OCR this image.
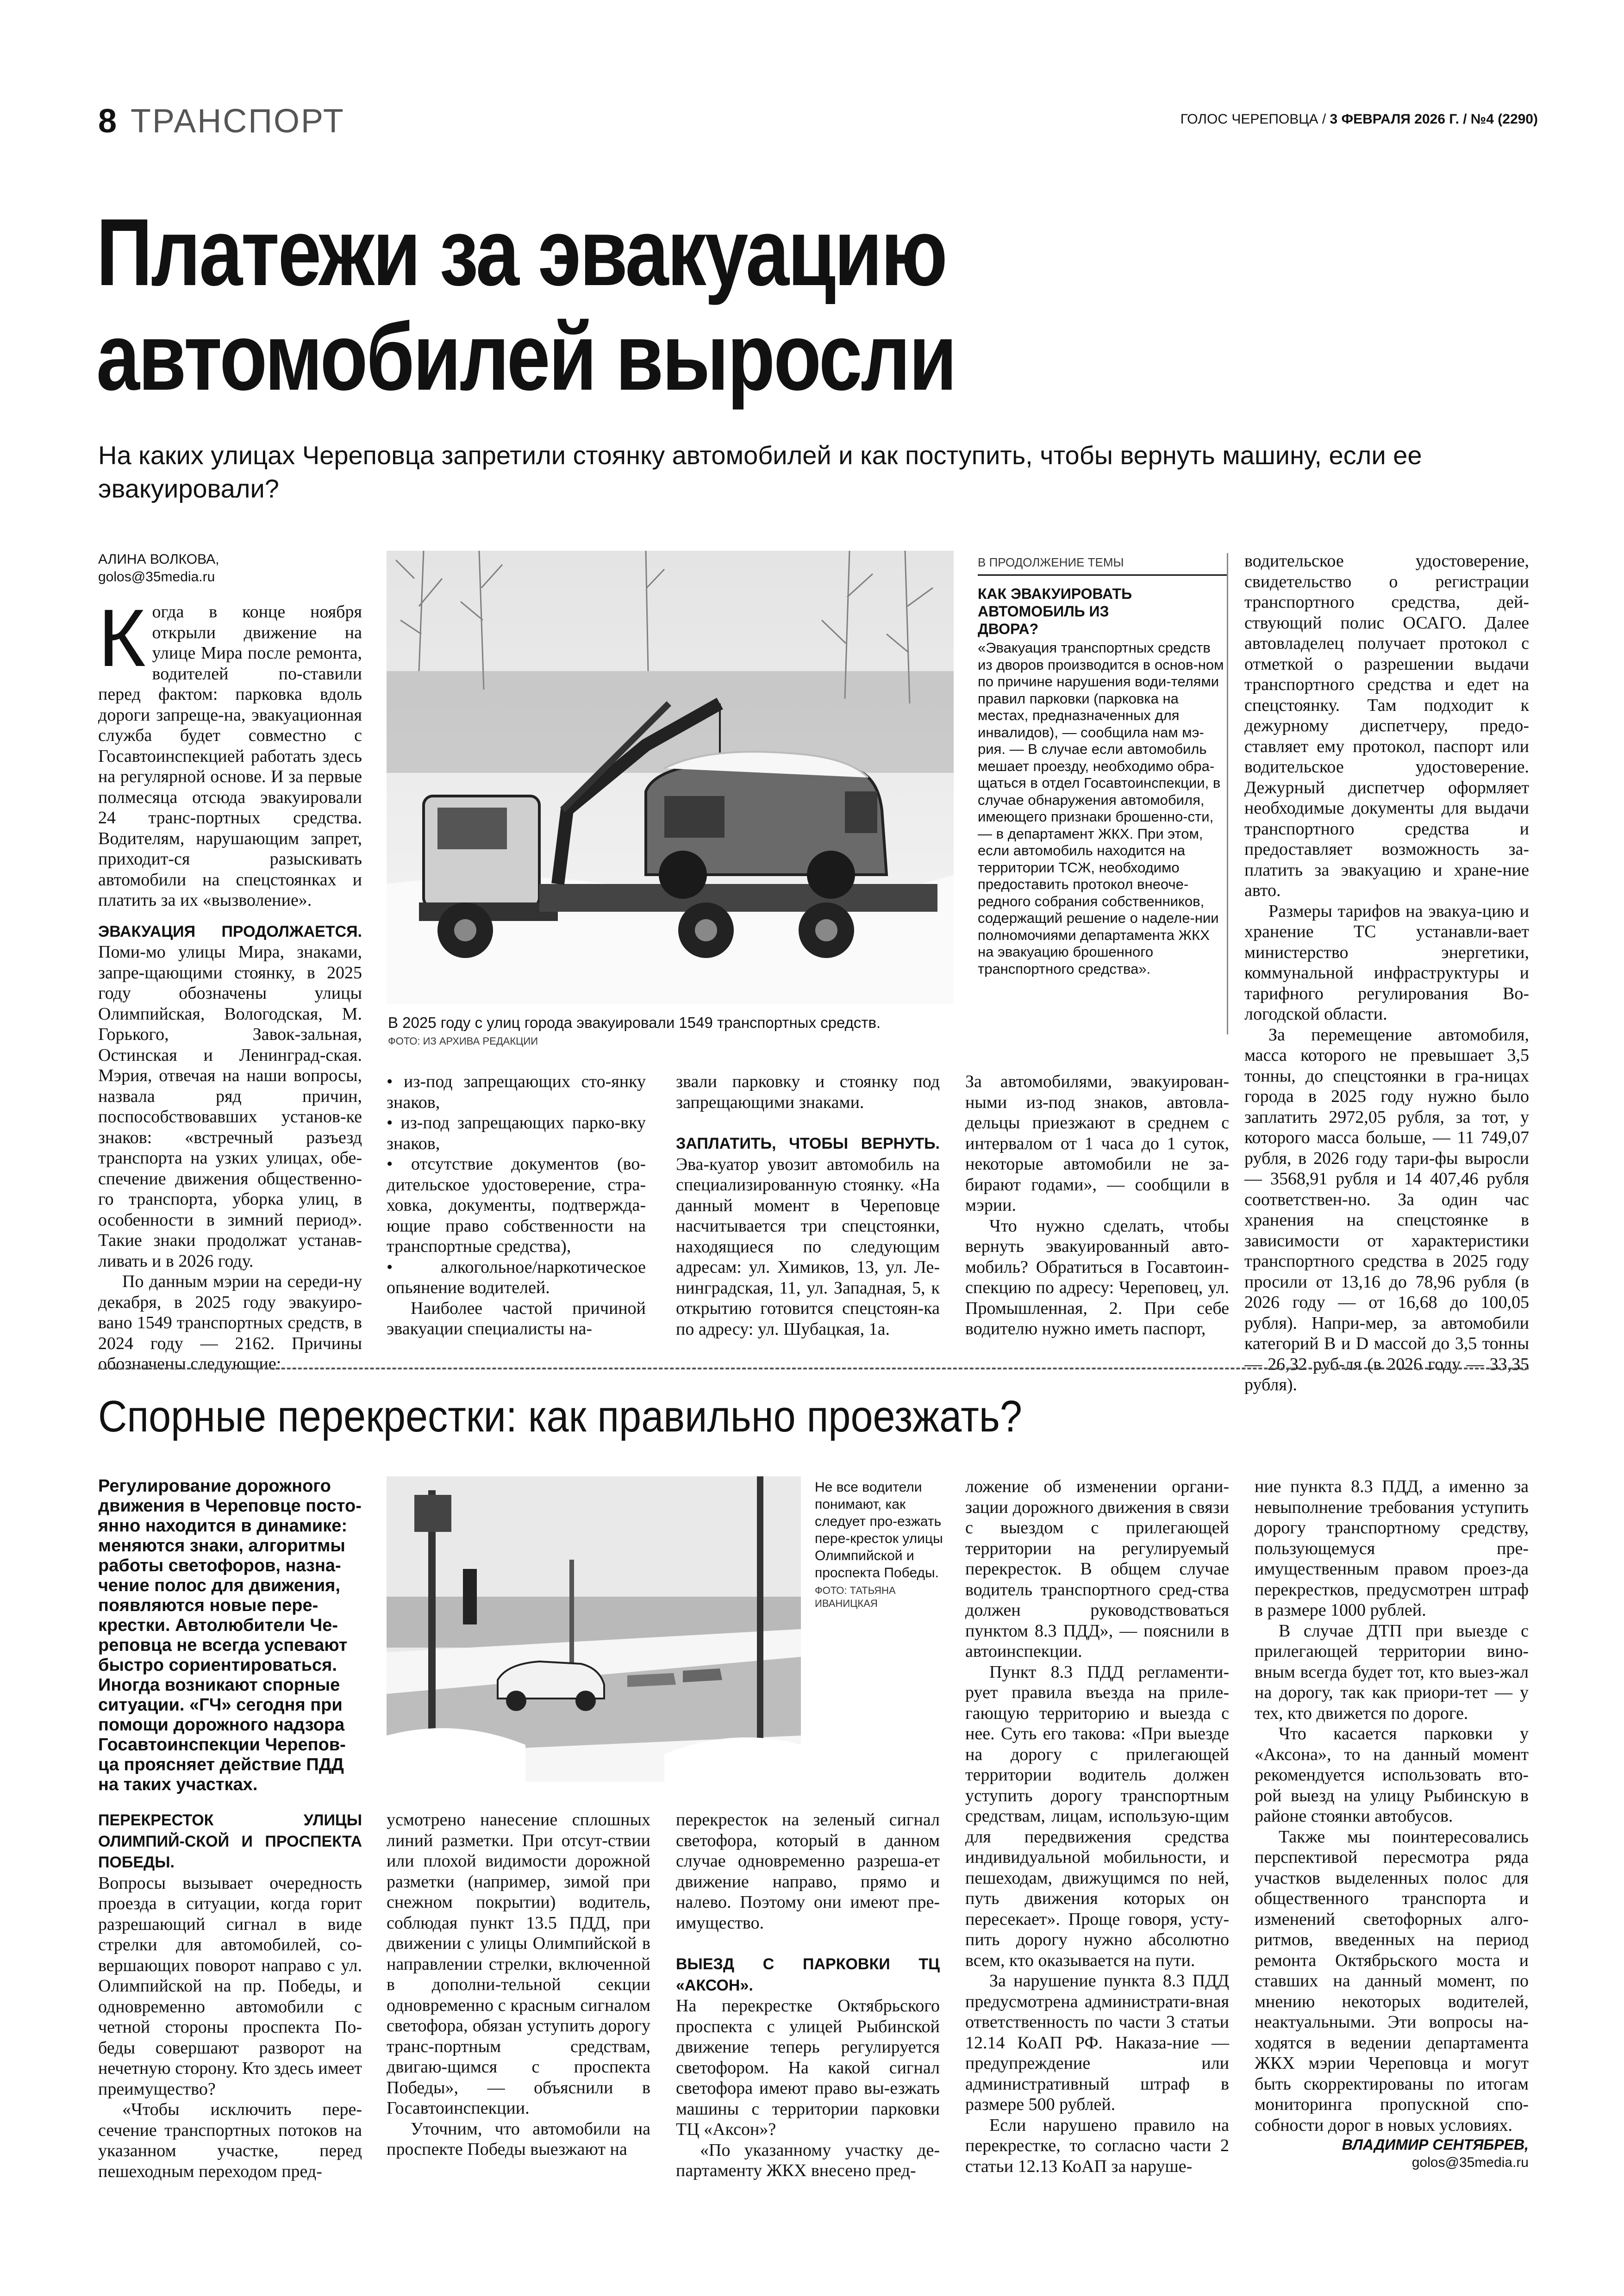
8 ТРАНСПОРТ	ГОЛОС ЧЕРЕПОВЦА / 3 ФЕВРАЛЯ 2026 Г. / №4 (2290)
Платежи за эвакуацию
автомобилей выросли
На каких улицах Череповца запретили стоянку автомобилей и как поступить, чтобы вернуть машину, если ее эвакуировали?
АЛИНА ВОЛКОВА,
golos@35media.ru

Когда в конце ноября открыли движение на улице Мира после ремонта, водителей по-ставили перед фактом: парковка вдоль дороги запреще-на, эвакуационная служба будет совместно с Госавтоинспекцией работать здесь на регулярной основе. И за первые полмесяца отсюда эвакуировали 24 транс-портных средства. Водителям, нарушающим запрет, приходит-ся разыскивать автомобили на спецстоянках и платить за их «вызволение».

ЭВАКУАЦИЯ ПРОДОЛЖАЕТСЯ. Поми-мо улицы Мира, знаками, запре-щающими стоянку, в 2025 году обозначены улицы Олимпийская, Вологодская, М. Горького, Завок-зальная, Остинская и Ленинград-ская. Мэрия, отвечая на наши вопросы, назвала ряд причин, поспособствовавших установ-ке знаков: «встречный разъезд транспорта на узких улицах, обе-спечение движения общественно-го транспорта, уборка улиц, в особенности в зимний период». Такие знаки продолжат устанав-ливать и в 2026 году.

По данным мэрии на середи-ну декабря, в 2025 году эвакуиро-вано 1549 транспортных средств, в 2024 году — 2162. Причины обозначены следующие:

В 2025 году с улиц города эвакуировали 1549 транспортных средств.
ФОТО: ИЗ АРХИВА РЕДАКЦИИ
В ПРОДОЛЖЕНИЕ ТЕМЫ
КАК ЭВАКУИРОВАТЬ АВТОМОБИЛЬ ИЗ ДВОРА?
«Эвакуация транспортных средств из дворов производится в основ-ном по причине нарушения води-телями правил парковки (парковка на местах, предназначенных для инвалидов), — сообщила нам мэ-рия. — В случае если автомобиль мешает проезду, необходимо обра-щаться в отдел Госавтоинспекции, в случае обнаружения автомобиля, имеющего признаки брошенно-сти, — в департамент ЖКХ. При этом, если автомобиль находится на территории ТСЖ, необходимо предоставить протокол внеоче-редного собрания собственников, содержащий решение о наделе-нии полномочиями департамента ЖКХ на эвакуацию брошенного транспортного средства».

водительское удостоверение, свидетельство о регистрации транспортного средства, дей-ствующий полис ОСАГО. Далее автовладелец получает протокол с отметкой о разрешении выдачи транспортного средства и едет на спецстоянку. Там подходит к дежурному диспетчеру, предо-ставляет ему протокол, паспорт или водительское удостоверение. Дежурный диспетчер оформляет необходимые документы для выдачи транспортного средства и предоставляет возможность за-платить за эвакуацию и хране-ние авто.

Размеры тарифов на эвакуа-цию и хранение ТС устанавли-вает министерство энергетики, коммунальной инфраструктуры и тарифного регулирования Во-логодской области.

За перемещение автомобиля, масса которого не превышает 3,5 тонны, до спецстоянки в гра-ницах города в 2025 году нужно было заплатить 2972,05 рубля, за тот, у которого масса больше, — 11 749,07 рубля, в 2026 году тари-фы выросли — 3568,91 рубля и 14 407,46 рубля соответствен-но. За один час хранения на спецстоянке в зависимости от характеристики транспортного средства в 2025 году просили от 13,16 до 78,96 рубля (в 2026 году — от 16,68 до 100,05 рубля). Напри-мер, за автомобили категорий B и D массой до 3,5 тонны — 26,32 руб-ля (в 2026 году — 33,35 рубля).

• из-под запрещающих сто-янку знаков,

• из-под запрещающих парко-вку знаков,

• отсутствие документов (во-дительское удостоверение, стра-ховка, документы, подтвержда-ющие право собственности на транспортные средства),

• алкогольное/наркотическое опьянение водителей.

Наиболее частой причиной эвакуации специалисты на-

звали парковку и стоянку под запрещающими знаками.

ЗАПЛАТИТЬ, ЧТОБЫ ВЕРНУТЬ. Эва-куатор увозит автомобиль на специализированную стоянку. «На данный момент в Череповце насчитывается три спецстоянки, находящиеся по следующим адресам: ул. Химиков, 13, ул. Ле-нинградская, 11, ул. Западная, 5, к открытию готовится спецстоян-ка по адресу: ул. Шубацкая, 1а.

За автомобилями, эвакуирован-ными из-под знаков, автовла-дельцы приезжают в среднем с интервалом от 1 часа до 1 суток, некоторые автомобили не за-бирают годами», — сообщили в мэрии.

Что нужно сделать, чтобы вернуть эвакуированный авто-мобиль? Обратиться в Госавтоин-спекцию по адресу: Череповец, ул. Промышленная, 2. При себе водителю нужно иметь паспорт,

Спорные перекрестки: как правильно проезжать?
Регулирование дорожного движения в Череповце посто-янно находится в динамике: меняются знаки, алгоритмы работы светофоров, назна-чение полос для движения, появляются новые пере-крестки. Автолюбители Че-реповца не всегда успевают быстро сориентироваться. Иногда возникают спорные ситуации. «ГЧ» сегодня при помощи дорожного надзора Госавтоинспекции Черепов-ца проясняет действие ПДД на таких участках.
Не все водители понимают, как следует про-езжать пере-кресток улицы Олимпийской и проспекта Победы.
ФОТО: ТАТЬЯНА ИВАНИЦКАЯ

ПЕРЕКРЕСТОК УЛИЦЫ ОЛИМПИЙ-СКОЙ И ПРОСПЕКТА ПОБЕДЫ.

Вопросы вызывает очередность проезда в ситуации, когда горит разрешающий сигнал в виде стрелки для автомобилей, со-вершающих поворот направо с ул. Олимпийской на пр. Победы, и одновременно автомобили с четной стороны проспекта По-беды совершают разворот на нечетную сторону. Кто здесь имеет преимущество?

«Чтобы исключить пере-сечение транспортных потоков на указанном участке, перед пешеходным переходом пред-

усмотрено нанесение сплошных линий разметки. При отсут-ствии или плохой видимости дорожной разметки (например, зимой при снежном покрытии) водитель, соблюдая пункт 13.5 ПДД, при движении с улицы Олимпийской в направлении стрелки, включенной в дополни-тельной секции одновременно с красным сигналом светофора, обязан уступить дорогу транс-портным средствам, двигаю-щимся с проспекта Победы», — объяснили в Госавтоинспекции.

Уточним, что автомобили на проспекте Победы выезжают на

перекресток на зеленый сигнал светофора, который в данном случае одновременно разреша-ет движение направо, прямо и налево. Поэтому они имеют пре-имущество.

ВЫЕЗД С ПАРКОВКИ ТЦ «АКСОН».

На перекрестке Октябрьского проспекта с улицей Рыбинской движение теперь регулируется светофором. На какой сигнал светофора имеют право вы-езжать машины с территории парковки ТЦ «Аксон»?

«По указанному участку де-партаменту ЖКХ внесено пред-

ложение об изменении органи-зации дорожного движения в связи с выездом с прилегающей территории на регулируемый перекресток. В общем случае водитель транспортного сред-ства должен руководствоваться пунктом 8.3 ПДД», — пояснили в автоинспекции.

Пункт 8.3 ПДД регламенти-рует правила въезда на приле-гающую территорию и выезда с нее. Суть его такова: «При выезде на дорогу с прилегающей территории водитель должен уступить дорогу транспортным средствам, лицам, использую-щим для передвижения средства индивидуальной мобильности, и пешеходам, движущимся по ней, путь движения которых он пересекает». Проще говоря, усту-пить дорогу нужно абсолютно всем, кто оказывается на пути.

За нарушение пункта 8.3 ПДД предусмотрена администрати-вная ответственность по части 3 статьи 12.14 КоАП РФ. Наказа-ние — предупреждение или административный штраф в размере 500 рублей.

Если нарушено правило на перекрестке, то согласно части 2 статьи 12.13 КоАП за наруше-

ние пункта 8.3 ПДД, а именно за невыполнение требования уступить дорогу транспортному средству, пользующемуся пре-имущественным правом проез-да перекрестков, предусмотрен штраф в размере 1000 рублей.

В случае ДТП при выезде с прилегающей территории вино-вным всегда будет тот, кто выез-жал на дорогу, так как приори-тет — у тех, кто движется по дороге.

Что касается парковки у «Аксона», то на данный момент рекомендуется использовать вто-рой выезд на улицу Рыбинскую в районе стоянки автобусов.

Также мы поинтересовались перспективой пересмотра ряда участков выделенных полос для общественного транспорта и изменений светофорных алго-ритмов, введенных на период ремонта Октябрьского моста и ставших на данный момент, по мнению некоторых водителей, неактуальными. Эти вопросы на-ходятся в ведении департамента ЖКХ мэрии Череповца и могут быть скорректированы по итогам мониторинга пропускной спо-собности дорог в новых условиях.

ВЛАДИМИР СЕНТЯБРЕВ,
golos@35media.ru
